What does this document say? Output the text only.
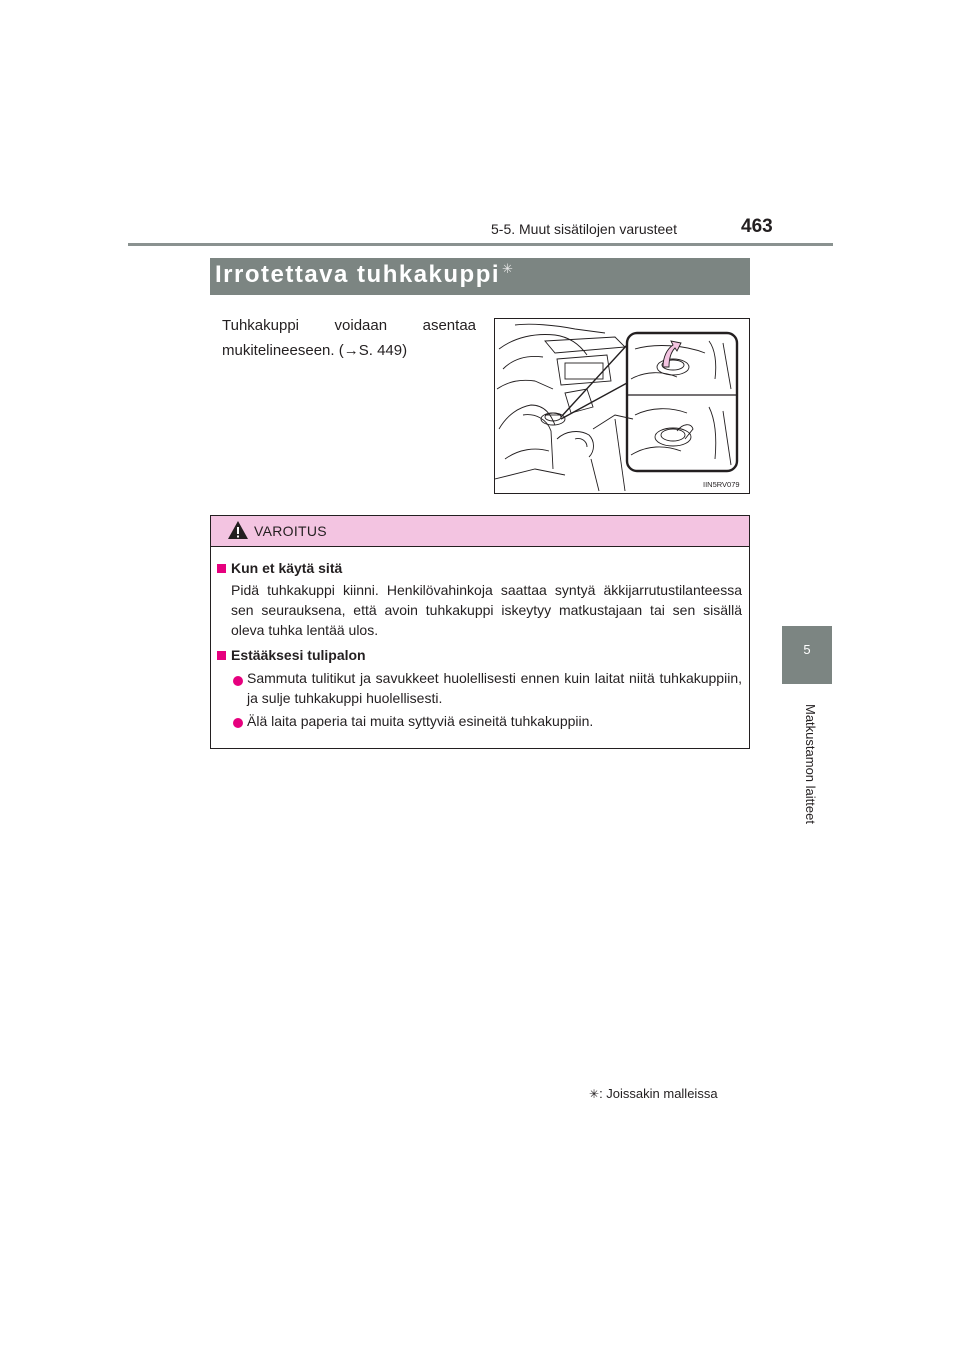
5-5. Muut sisätilojen varusteet	463
5
Matkustamon laitteet
Irrotettava tuhkakuppi ✳
Tuhkakuppi voidaan asentaa mukitelineeseen. (→S. 449)
IIN5RV079
VAROITUS
Kun et käytä sitä
Pidä tuhkakuppi kiinni. Henkilövahinkoja saattaa syntyä äkkijarrutustilanteessa sen seurauksena, että avoin tuhkakuppi iskeytyy matkustajaan tai sen sisällä oleva tuhka lentää ulos.
Estääksesi tulipalon
Sammuta tulitikut ja savukkeet huolellisesti ennen kuin laitat niitä tuhkakuppiin, ja sulje tuhkakuppi huolellisesti.
Älä laita paperia tai muita syttyviä esineitä tuhkakuppiin.
✳: Joissakin malleissa
